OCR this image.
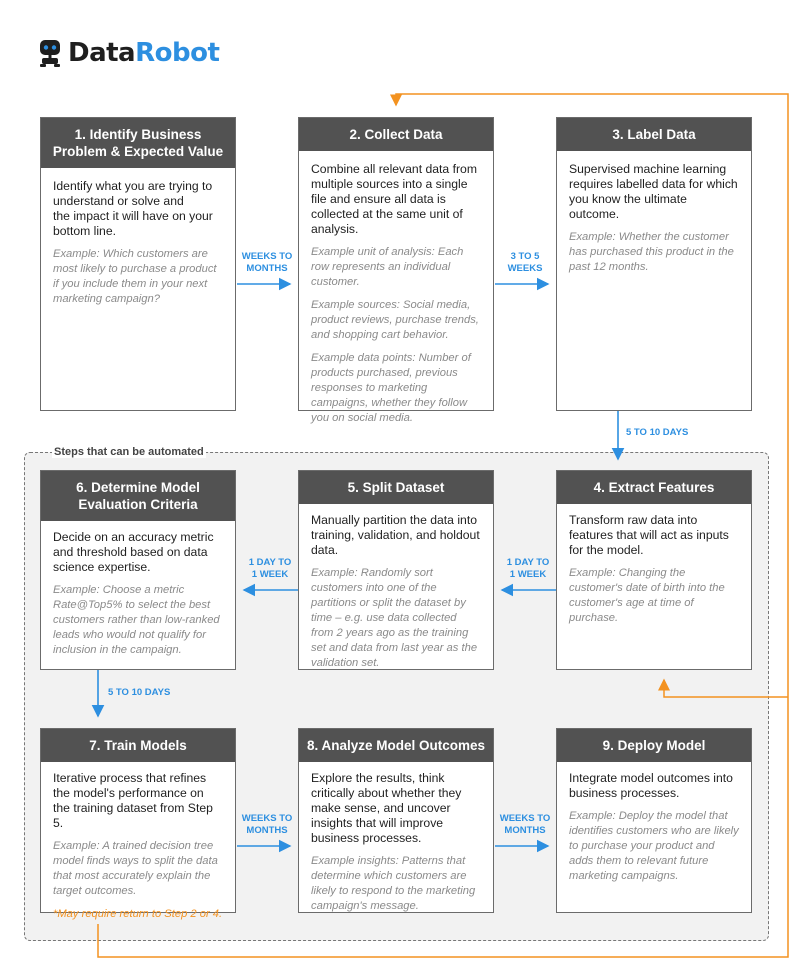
DataRobot
Steps that can be automated
WEEKS TO
MONTHS
3 TO 5
WEEKS
5 TO 10 DAYS
1 DAY TO
1 WEEK
1 DAY TO
1 WEEK
5 TO 10 DAYS
WEEKS TO
MONTHS
WEEKS TO
MONTHS
1. Identify Business
Problem & Expected Value

Identify what you are trying to understand or solve and
the impact it will have on your bottom line.

Example: Which customers are most likely to purchase a product if you include them in your next marketing campaign?

2. Collect Data

Combine all relevant data from multiple sources into a single file and ensure all data is collected at the same unit of analysis.

Example unit of analysis: Each row represents an individual customer.

Example sources: Social media, product reviews, purchase trends, and shopping cart behavior.

Example data points: Number of products purchased, previous responses to marketing campaigns, whether they follow you on social media.

3. Label Data

Supervised machine learning requires labelled data for which you know the ultimate outcome.

Example: Whether the customer has purchased this product in the past 12 months.

6. Determine Model
Evaluation Criteria

Decide on an accuracy metric and threshold based on data science expertise.

Example: Choose a metric Rate@Top5% to select the best customers rather than low-ranked leads who would not qualify for inclusion in the campaign.

5. Split Dataset

Manually partition the data into training, validation, and holdout data.

Example: Randomly sort customers into one of the partitions or split the dataset by time – e.g. use data collected from 2 years ago as the training set and data from last year as the validation set.

4. Extract Features

Transform raw data into features that will act as inputs for the model.

Example: Changing the customer's date of birth into the customer's age at time of purchase.

7. Train Models

Iterative process that refines the model's performance on the training dataset from Step 5.

Example: A trained decision tree model finds ways to split the data that most accurately explain the target outcomes.

*May require return to Step 2 or 4.

8. Analyze Model Outcomes

Explore the results, think critically about whether they make sense, and uncover insights that will improve business processes.

Example insights: Patterns that determine which customers are likely to respond to the marketing campaign's message.

9. Deploy Model

Integrate model outcomes into business processes.

Example: Deploy the model that identifies customers who are likely to purchase your product and adds them to relevant future marketing campaigns.
